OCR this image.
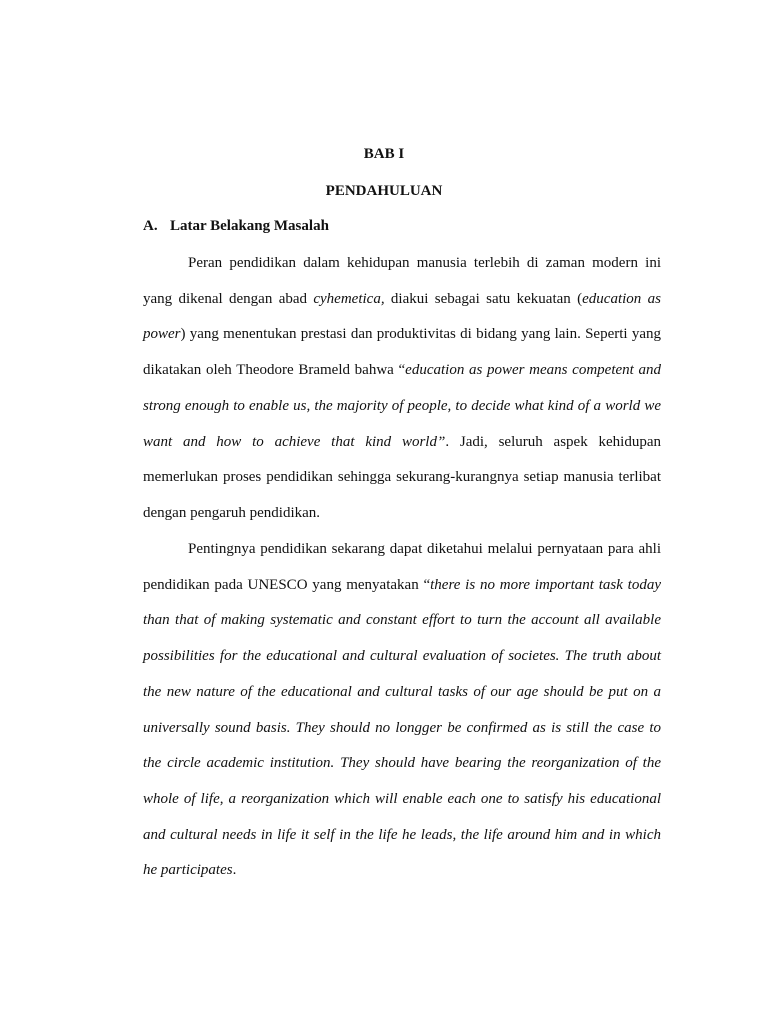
BAB I
PENDAHULUAN
A. Latar Belakang Masalah

Peran pendidikan dalam kehidupan manusia terlebih di zaman modern ini yang dikenal dengan abad cyhemetica, diakui sebagai satu kekuatan (education as power) yang menentukan prestasi dan produktivitas di bidang yang lain. Seperti yang dikatakan oleh Theodore Brameld bahwa “education as power means competent and strong enough to enable us, the majority of people, to decide what kind of a world we want and how to achieve that kind world”. Jadi, seluruh aspek kehidupan memerlukan proses pendidikan sehingga sekurang-kurangnya setiap manusia terlibat dengan pengaruh pendidikan.

Pentingnya pendidikan sekarang dapat diketahui melalui pernyataan para ahli pendidikan pada UNESCO yang menyatakan “there is no more important task today than that of making systematic and constant effort to turn the account all available possibilities for the educational and cultural evaluation of societes. The truth about the new nature of the educational and cultural tasks of our age should be put on a universally sound basis. They should no longger be confirmed as is still the case to the circle academic institution. They should have bearing the reorganization of the whole of life, a reorganization which will enable each one to satisfy his educational and cultural needs in life it self in the life he leads, the life around him and in which he participates.
